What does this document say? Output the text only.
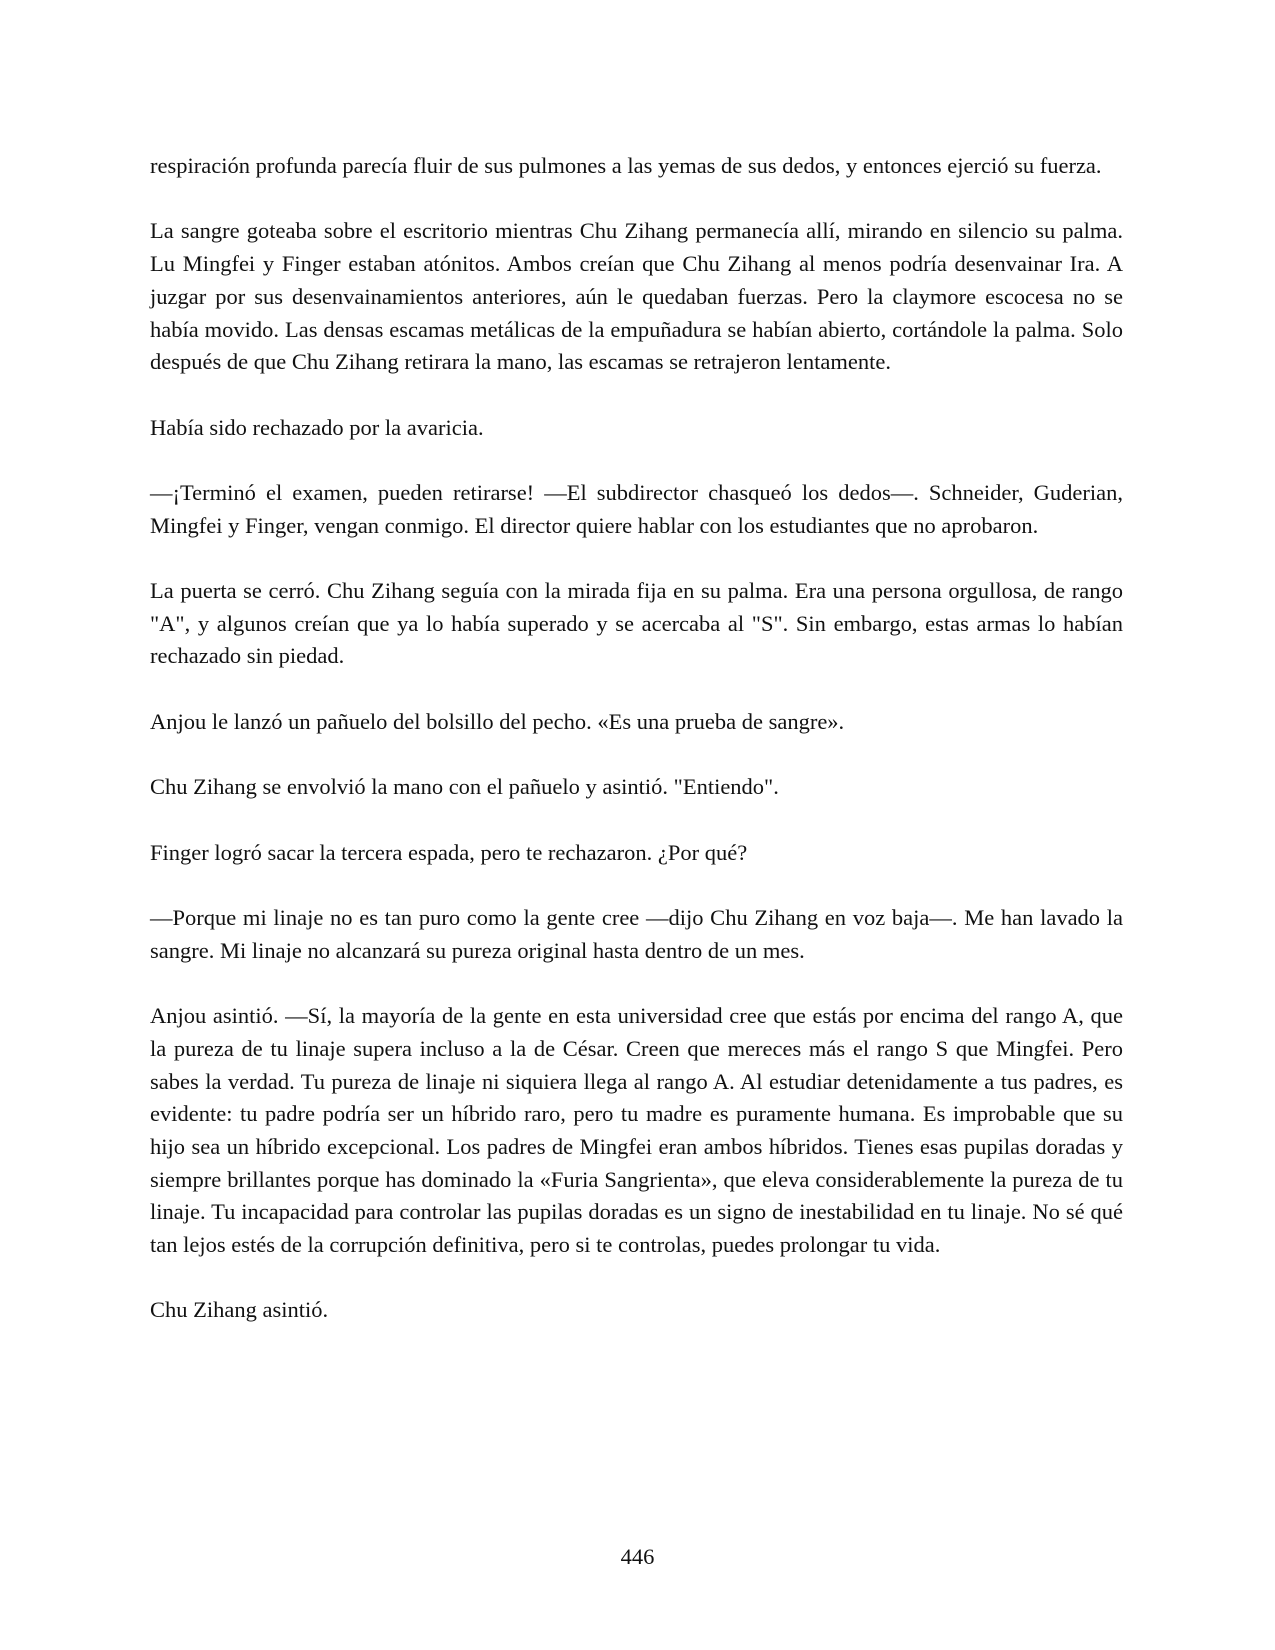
respiración profunda parecía fluir de sus pulmones a las yemas de sus dedos, y entonces ejerció su fuerza.

La sangre goteaba sobre el escritorio mientras Chu Zihang permanecía allí, mirando en silencio su palma. Lu Mingfei y Finger estaban atónitos. Ambos creían que Chu Zihang al menos podría desenvainar Ira. A juzgar por sus desenvainamientos anteriores, aún le quedaban fuerzas. Pero la claymore escocesa no se había movido. Las densas escamas metálicas de la empuñadura se habían abierto, cortándole la palma. Solo después de que Chu Zihang retirara la mano, las escamas se retrajeron lentamente.

Había sido rechazado por la avaricia.

—¡Terminó el examen, pueden retirarse! —El subdirector chasqueó los dedos—. Schneider, Guderian, Mingfei y Finger, vengan conmigo. El director quiere hablar con los estudiantes que no aprobaron.

La puerta se cerró. Chu Zihang seguía con la mirada fija en su palma. Era una persona orgullosa, de rango "A", y algunos creían que ya lo había superado y se acercaba al "S". Sin embargo, estas armas lo habían rechazado sin piedad.

Anjou le lanzó un pañuelo del bolsillo del pecho. «Es una prueba de sangre».

Chu Zihang se envolvió la mano con el pañuelo y asintió. "Entiendo".

Finger logró sacar la tercera espada, pero te rechazaron. ¿Por qué?

—Porque mi linaje no es tan puro como la gente cree —dijo Chu Zihang en voz baja—. Me han lavado la sangre. Mi linaje no alcanzará su pureza original hasta dentro de un mes.

Anjou asintió. —Sí, la mayoría de la gente en esta universidad cree que estás por encima del rango A, que la pureza de tu linaje supera incluso a la de César. Creen que mereces más el rango S que Mingfei. Pero sabes la verdad. Tu pureza de linaje ni siquiera llega al rango A. Al estudiar detenidamente a tus padres, es evidente: tu padre podría ser un híbrido raro, pero tu madre es puramente humana. Es improbable que su hijo sea un híbrido excepcional. Los padres de Mingfei eran ambos híbridos. Tienes esas pupilas doradas y siempre brillantes porque has dominado la «Furia Sangrienta», que eleva considerablemente la pureza de tu linaje. Tu incapacidad para controlar las pupilas doradas es un signo de inestabilidad en tu linaje. No sé qué tan lejos estés de la corrupción definitiva, pero si te controlas, puedes prolongar tu vida.

Chu Zihang asintió.

446
